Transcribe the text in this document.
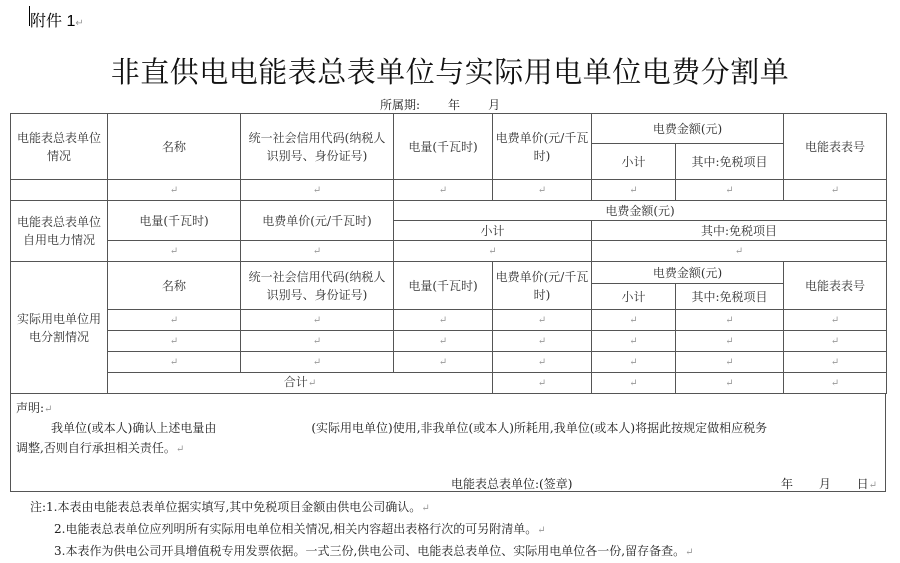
附件 1↵
非直供电电能表总表单位与实际用电单位电费分割单
所属期: 年 月
电能表总表单位情况	名称	统一社会信用代码(纳税人识别号、身份证号)	电量(千瓦时)	电费单价(元/千瓦时)	电费金额(元)		电能表表号	
					小计	其中:免税项目		
	↵	↵	↵	↵	↵	↵	↵	
电能表总表单位自用电力情况	电量(千瓦时)	电费单价(元/千瓦时)	电费金额(元)					
			小计		其中:免税项目			
	↵	↵	↵		↵			
实际用电单位用电分割情况	名称	统一社会信用代码(纳税人识别号、身份证号)	电量(千瓦时)	电费单价(元/千瓦时)	电费金额(元)		电能表表号	
					小计	其中:免税项目		
	↵	↵	↵	↵	↵	↵	↵	
	↵	↵	↵	↵	↵	↵	↵	
	↵	↵	↵	↵	↵	↵	↵	
	合计↵			↵	↵	↵	↵	
声明:↵
我单位(或本人)确认上述电量由	(实际用电单位)使用,非我单位(或本人)所耗用,我单位(或本人)将据此按规定做相应税务
调整,否则自行承担相关责任。↵
电能表总表单位:(签章)	年 月 日↵
注:1.本表由电能表总表单位据实填写,其中免税项目金额由供电公司确认。↵
2.电能表总表单位应列明所有实际用电单位相关情况,相关内容超出表格行次的可另附清单。↵
3.本表作为供电公司开具增值税专用发票依据。一式三份,供电公司、电能表总表单位、实际用电单位各一份,留存备查。↵
